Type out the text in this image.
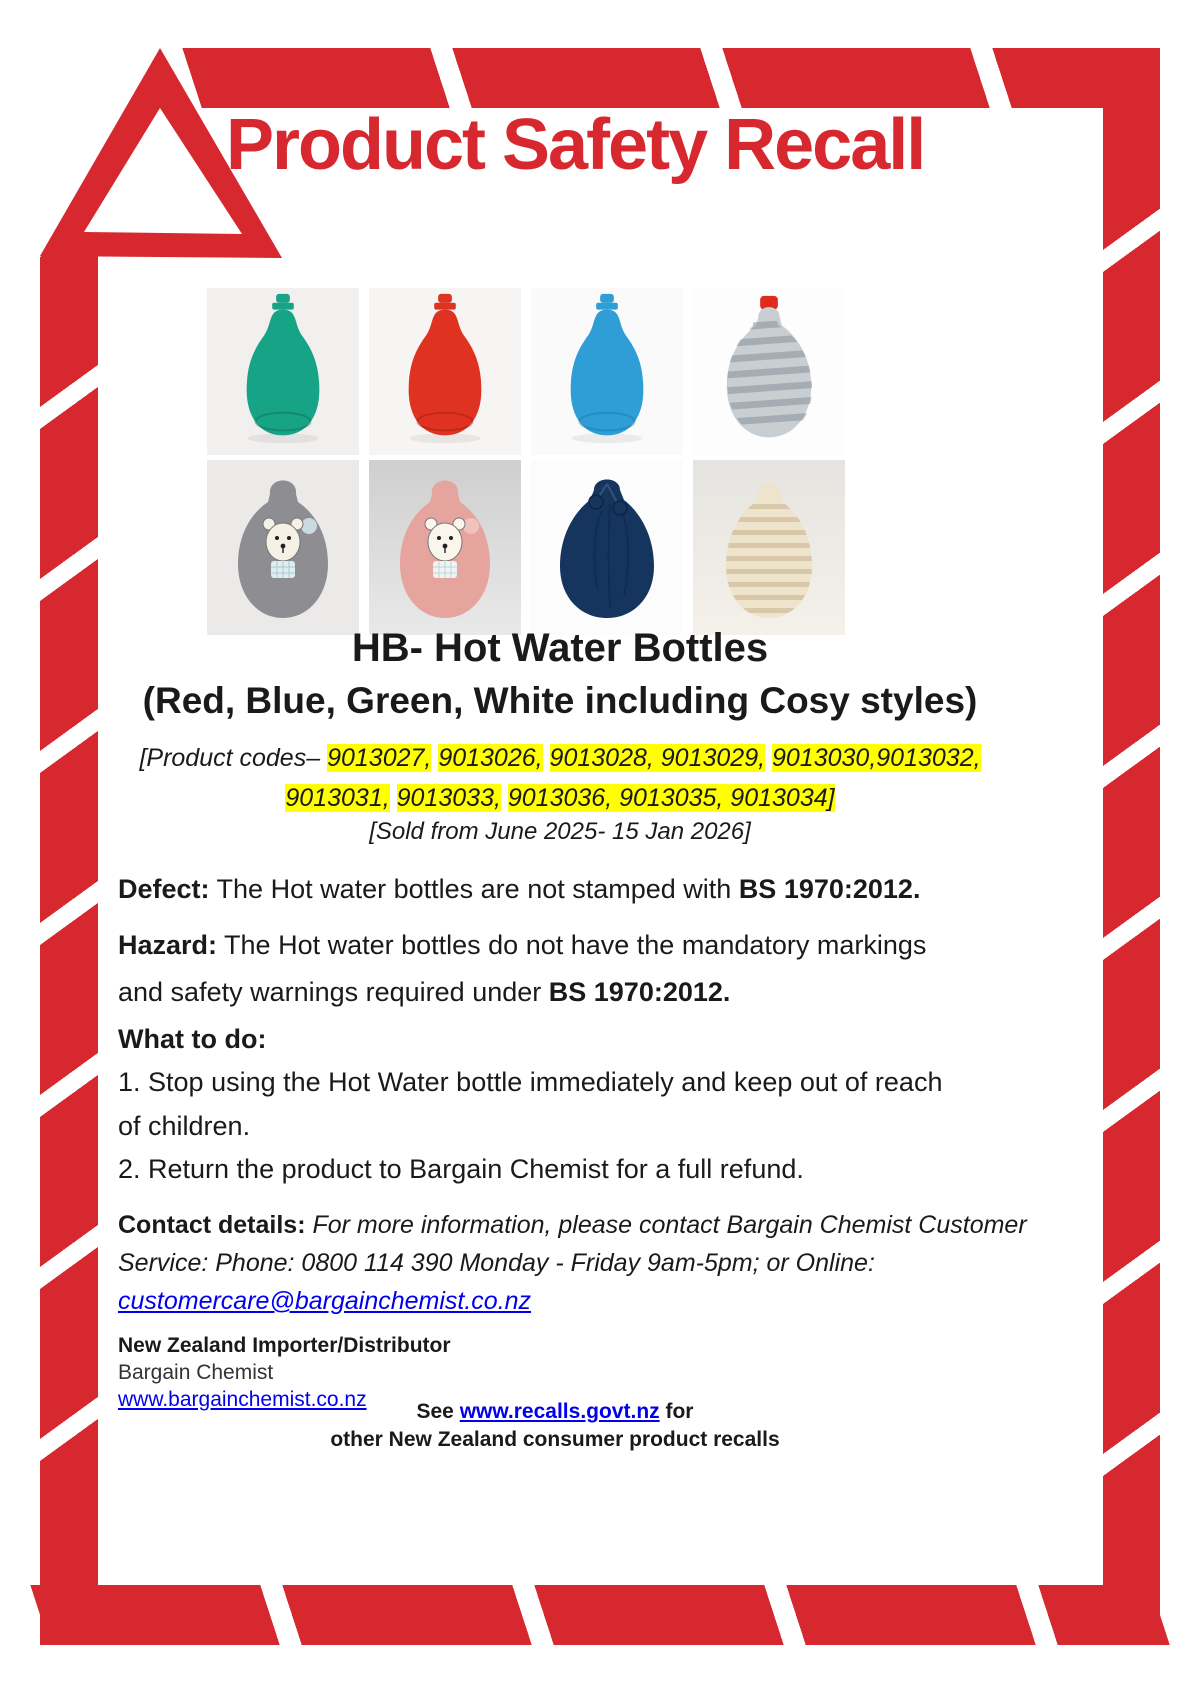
Product Safety Recall
HB- Hot Water Bottles
(Red, Blue, Green, White including Cosy styles)
[Product codes– 9013027, 9013026, 9013028, 9013029, 9013030,9013032,
9013031, 9013033, 9013036, 9013035, 9013034]
[Sold from June 2025- 15 Jan 2026]

Defect: The Hot water bottles are not stamped with BS 1970:2012.

Hazard: The Hot water bottles do not have the mandatory markings
and safety warnings required under BS 1970:2012.

What to do:

1. Stop using the Hot Water bottle immediately and keep out of reach
of children.

2. Return the product to Bargain Chemist for a full refund.

Contact details: For more information, please contact Bargain Chemist Customer
Service: Phone: 0800 114 390 Monday - Friday 9am-5pm; or Online:
customercare@bargainchemist.co.nz

New Zealand Importer/Distributor
Bargain Chemist
www.bargainchemist.co.nz
See www.recalls.govt.nz for
other New Zealand consumer product recalls
